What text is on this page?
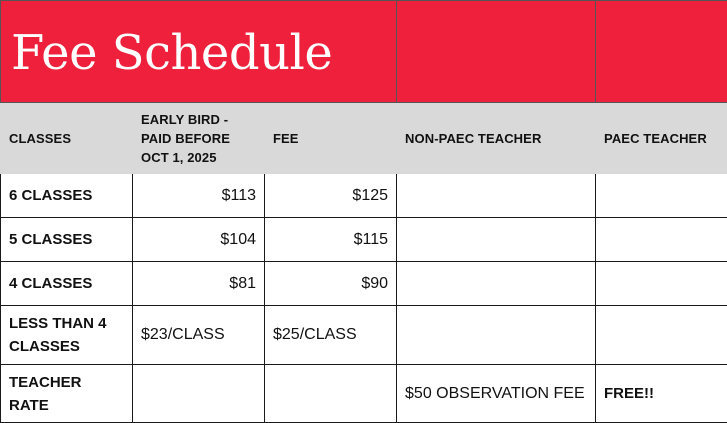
Fee Schedule				
CLASSES	EARLY BIRD -
PAID BEFORE
OCT 1, 2025	FEE	NON-PAEC TEACHER	PAEC TEACHER
6 CLASSES	$113	$125		
5 CLASSES	$104	$115		
4 CLASSES	$81	$90		

LESS THAN 4
CLASSES	$23/CLASS	$25/CLASS		

TEACHER
RATE			$50 OBSERVATION FEE	FREE!!
